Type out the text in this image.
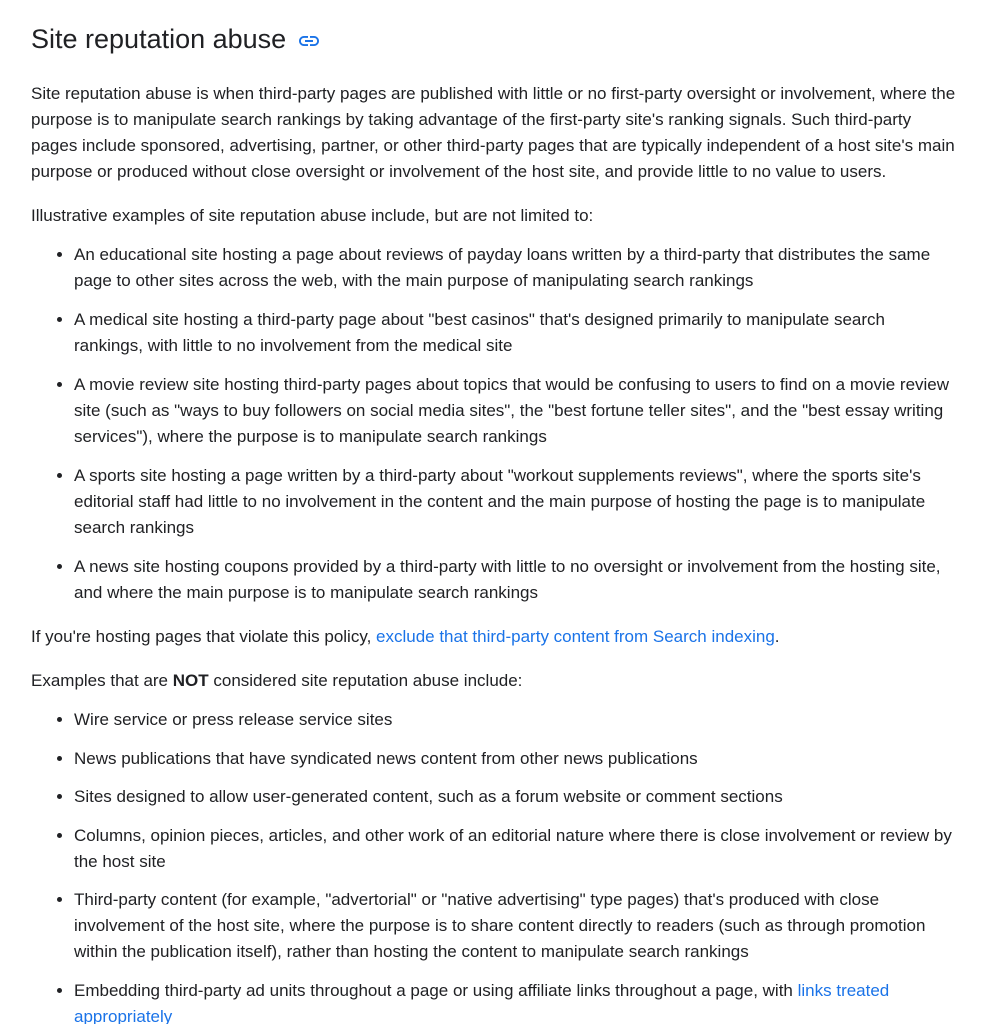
Site reputation abuse

Site reputation abuse is when third-party pages are published with little or no first-party oversight or involvement, where the purpose is to manipulate search rankings by taking advantage of the first-party site's ranking signals. Such third-party pages include sponsored, advertising, partner, or other third-party pages that are typically independent of a host site's main purpose or produced without close oversight or involvement of the host site, and provide little to no value to users.

Illustrative examples of site reputation abuse include, but are not limited to:

• An educational site hosting a page about reviews of payday loans written by a third-party that distributes the same page to other sites across the web, with the main purpose of manipulating search rankings
• A medical site hosting a third-party page about "best casinos" that's designed primarily to manipulate search rankings, with little to no involvement from the medical site
• A movie review site hosting third-party pages about topics that would be confusing to users to find on a movie review site (such as "ways to buy followers on social media sites", the "best fortune teller sites", and the "best essay writing services"), where the purpose is to manipulate search rankings
• A sports site hosting a page written by a third-party about "workout supplements reviews", where the sports site's editorial staff had little to no involvement in the content and the main purpose of hosting the page is to manipulate search rankings
• A news site hosting coupons provided by a third-party with little to no oversight or involvement from the hosting site, and where the main purpose is to manipulate search rankings

If you're hosting pages that violate this policy, exclude that third-party content from Search indexing.

Examples that are NOT considered site reputation abuse include:

• Wire service or press release service sites
• News publications that have syndicated news content from other news publications
• Sites designed to allow user-generated content, such as a forum website or comment sections
• Columns, opinion pieces, articles, and other work of an editorial nature where there is close involvement or review by the host site
• Third-party content (for example, "advertorial" or "native advertising" type pages) that's produced with close involvement of the host site, where the purpose is to share content directly to readers (such as through promotion within the publication itself), rather than hosting the content to manipulate search rankings
• Embedding third-party ad units throughout a page or using affiliate links throughout a page, with links treated appropriately
